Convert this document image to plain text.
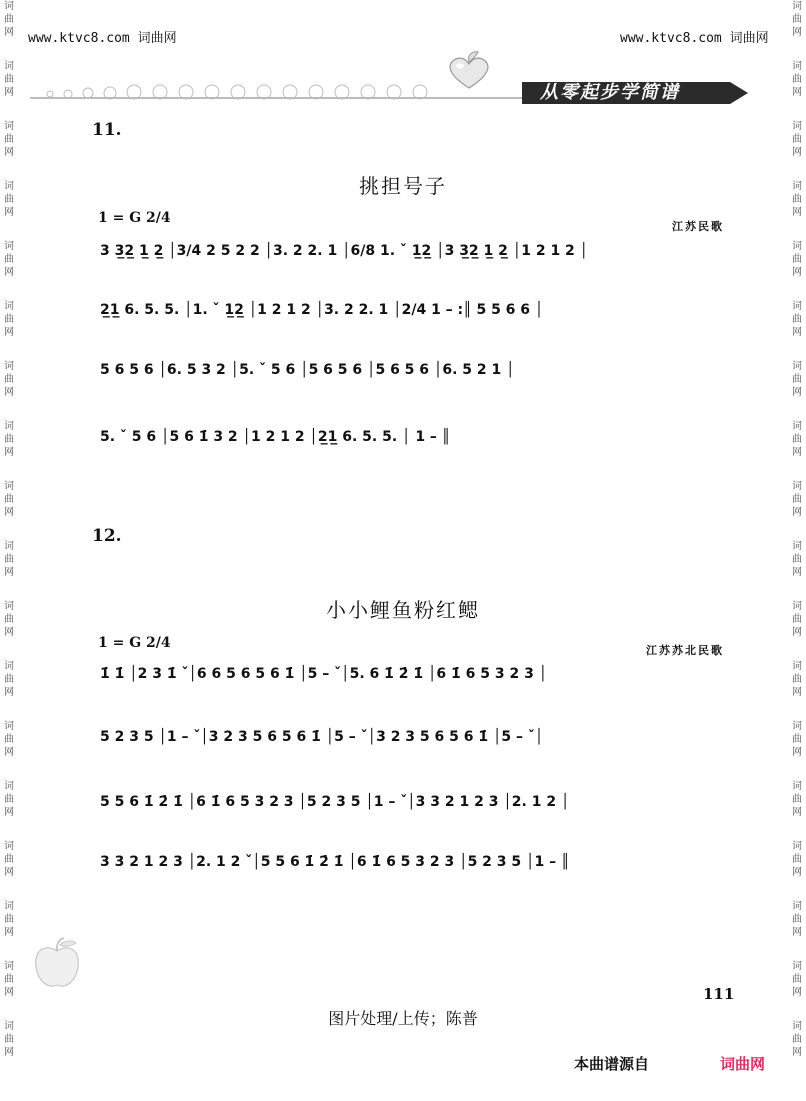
词
曲
网
词
曲
网
词
曲
网
词
曲
网
词
曲
网
词
曲
网
词
曲
网
词
曲
网
词
曲
网
词
曲
网
词
曲
网
词
曲
网
词
曲
网
词
曲
网
词
曲
网
词
曲
网
词
曲
网
词
曲
网
词
曲
网
词
曲
网
词
曲
网
词
曲
网
词
曲
网
词
曲
网
词
曲
网
词
曲
网
词
曲
网
词
曲
网
词
曲
网
词
曲
网
词
曲
网
词
曲
网
词
曲
网
词
曲
网
词
曲
网
词
曲
网
www.ktvc8.com 词曲网	www.ktvc8.com 词曲网
从零起步学简谱
11.
挑担号子
1 = G 2/4
江苏民歌
3 3̲2̲ 1̲ 2̲ │3/4 2 5 2 2 │3. 2 2. 1 │6/8 1. ˇ 1̲2̲ │3 3̲2̲ 1̲ 2̲ │1 2 1 2 │
2̲1̲ 6. 5. 5. │1. ˇ 1̲2̲ │1 2 1 2 │3. 2 2. 1 │2/4 1 – :║ 5 5 6 6 │
5 6 5 6 │6. 5 3 2 │5. ˇ 5 6 │5 6 5 6 │5 6 5 6 │6. 5 2 1 │
5. ˇ 5 6 │5 6 1̇ 3 2 │1 2 1 2 │2̲1̲ 6. 5. 5. │ 1 – ║
12.
小小鲤鱼粉红鳃
1 = G 2/4	江苏苏北民歌
1̇ 1̇ │2 3 1̇ ˇ│6 6 5 6 5 6 1̇ │5 – ˇ│5. 6 1̇ 2̇ 1̇ │6 1̇ 6 5 3 2 3 │
5 2 3 5 │1 – ˇ│3 2 3 5 6 5 6 1̇ │5 – ˇ│3 2 3 5 6 5 6 1̇ │5 – ˇ│
5 5 6 1̇ 2̇ 1̇ │6 1̇ 6 5 3 2 3 │5 2 3 5 │1 – ˇ│3 3 2 1 2 3 │2. 1 2 │
3 3 2 1 2 3 │2. 1 2 ˇ│5 5 6 1̇ 2̇ 1̇ │6 1̇ 6 5 3 2 3 │5 2 3 5 │1 – ║
111
图片处理/上传；陈普
本曲谱源自	词曲网
